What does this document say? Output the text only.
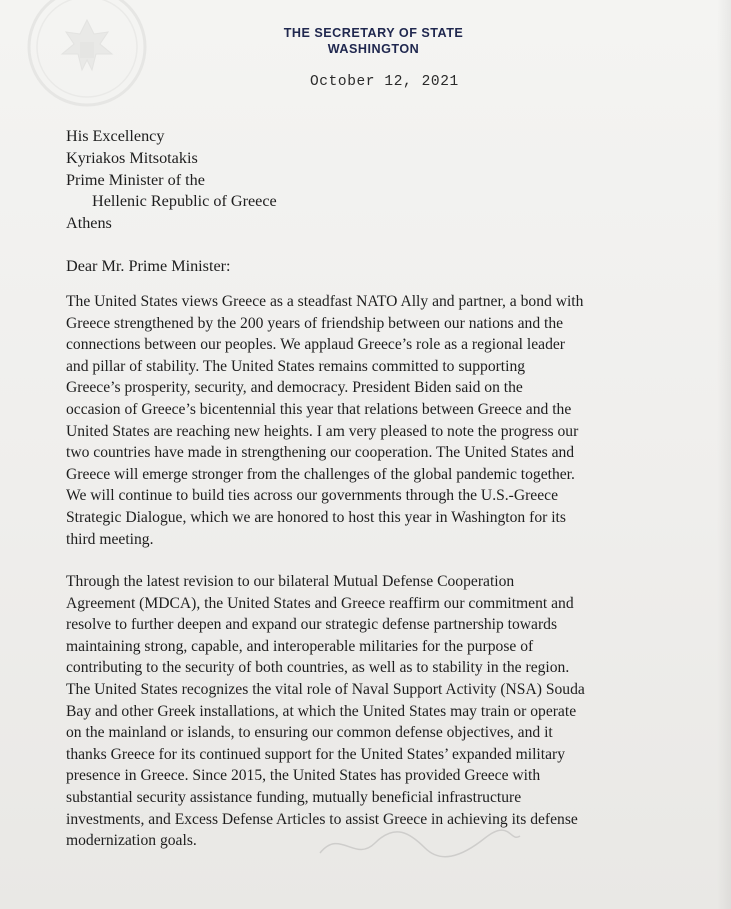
THE SECRETARY OF STATE
WASHINGTON
October 12, 2021
His Excellency
Kyriakos Mitsotakis
Prime Minister of the
Hellenic Republic of Greece
Athens
Dear Mr. Prime Minister:
The United States views Greece as a steadfast NATO Ally and partner, a bond with
Greece strengthened by the 200 years of friendship between our nations and the
connections between our peoples. We applaud Greece’s role as a regional leader
and pillar of stability. The United States remains committed to supporting
Greece’s prosperity, security, and democracy. President Biden said on the
occasion of Greece’s bicentennial this year that relations between Greece and the
United States are reaching new heights. I am very pleased to note the progress our
two countries have made in strengthening our cooperation. The United States and
Greece will emerge stronger from the challenges of the global pandemic together.
We will continue to build ties across our governments through the U.S.-Greece
Strategic Dialogue, which we are honored to host this year in Washington for its
third meeting.
Through the latest revision to our bilateral Mutual Defense Cooperation
Agreement (MDCA), the United States and Greece reaffirm our commitment and
resolve to further deepen and expand our strategic defense partnership towards
maintaining strong, capable, and interoperable militaries for the purpose of
contributing to the security of both countries, as well as to stability in the region.
The United States recognizes the vital role of Naval Support Activity (NSA) Souda
Bay and other Greek installations, at which the United States may train or operate
on the mainland or islands, to ensuring our common defense objectives, and it
thanks Greece for its continued support for the United States’ expanded military
presence in Greece. Since 2015, the United States has provided Greece with
substantial security assistance funding, mutually beneficial infrastructure
investments, and Excess Defense Articles to assist Greece in achieving its defense
modernization goals.
